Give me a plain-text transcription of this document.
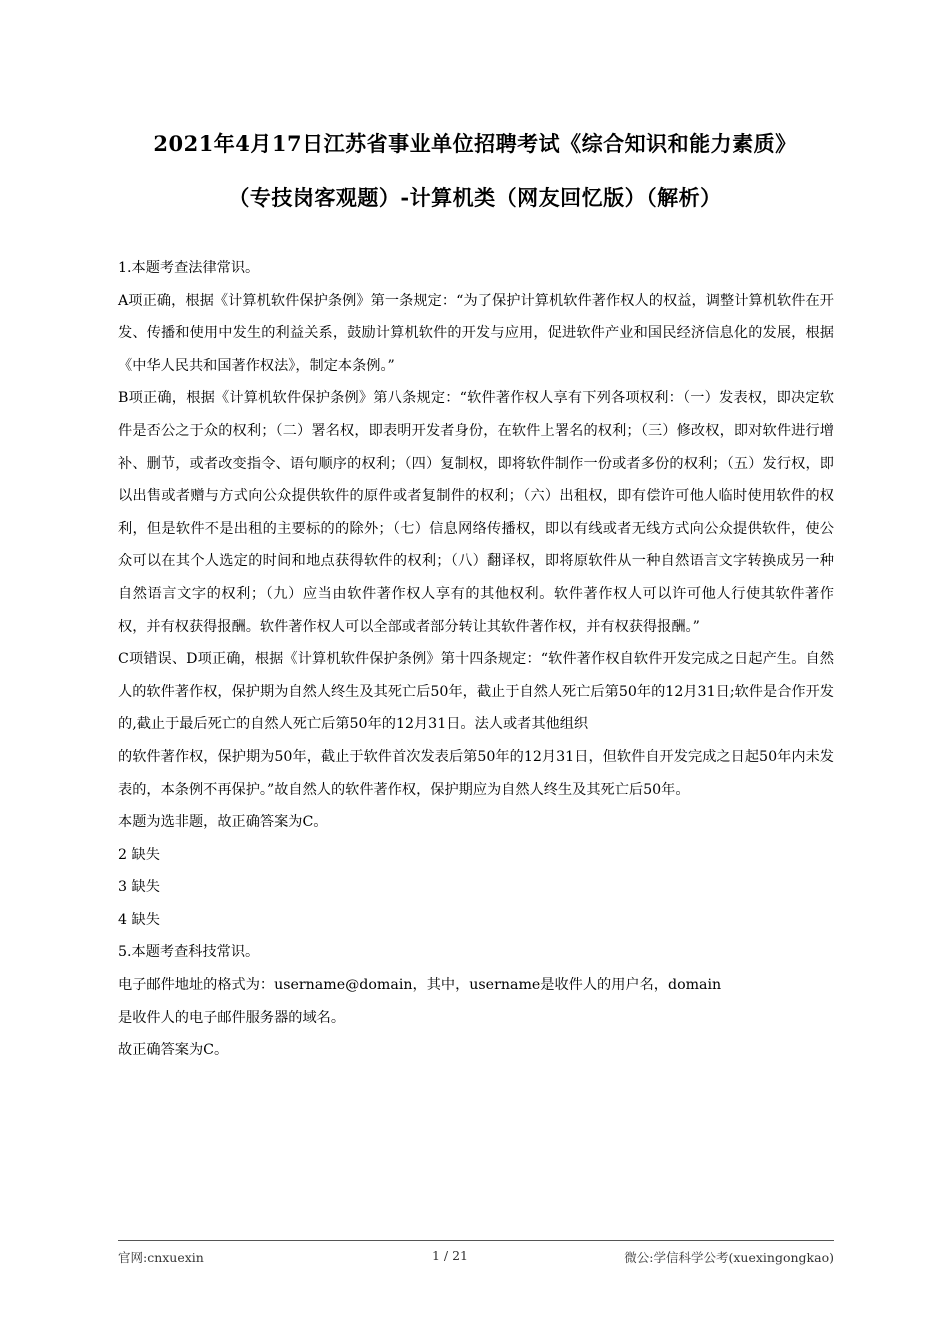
2021年4月17日江苏省事业单位招聘考试《综合知识和能力素质》
（专技岗客观题）-计算机类（网友回忆版）（解析）

1.本题考查法律常识。

A项正确，根据《计算机软件保护条例》第一条规定：“为了保护计算机软件著作权人的权益，调整计算机软件在开发、传播和使用中发生的利益关系，鼓励计算机软件的开发与应用，促进软件产业和国民经济信息化的发展，根据《中华人民共和国著作权法》，制定本条例。”

B项正确，根据《计算机软件保护条例》第八条规定：“软件著作权人享有下列各项权利：（一）发表权，即决定软件是否公之于众的权利；（二）署名权，即表明开发者身份，在软件上署名的权利；（三）修改权，即对软件进行增补、删节，或者改变指令、语句顺序的权利；（四）复制权，即将软件制作一份或者多份的权利；（五）发行权，即以出售或者赠与方式向公众提供软件的原件或者复制件的权利；（六）出租权，即有偿许可他人临时使用软件的权利，但是软件不是出租的主要标的的除外；（七）信息网络传播权，即以有线或者无线方式向公众提供软件，使公众可以在其个人选定的时间和地点获得软件的权利；（八）翻译权，即将原软件从一种自然语言文字转换成另一种自然语言文字的权利；（九）应当由软件著作权人享有的其他权利。软件著作权人可以许可他人行使其软件著作权，并有权获得报酬。软件著作权人可以全部或者部分转让其软件著作权，并有权获得报酬。”

C项错误、D项正确，根据《计算机软件保护条例》第十四条规定：“软件著作权自软件开发完成之日起产生。自然人的软件著作权，保护期为自然人终生及其死亡后50年，截止于自然人死亡后第50年的12月31日;软件是合作开发的,截止于最后死亡的自然人死亡后第50年的12月31日。法人或者其他组织

的软件著作权，保护期为50年，截止于软件首次发表后第50年的12月31日，但软件自开发完成之日起50年内未发表的，本条例不再保护。”故自然人的软件著作权，保护期应为自然人终生及其死亡后50年。

本题为选非题，故正确答案为C。

2 缺失

3 缺失

4 缺失

5.本题考查科技常识。

电子邮件地址的格式为：username@domain，其中，username是收件人的用户名，domain

是收件人的电子邮件服务器的域名。

故正确答案为C。

官网:cnxuexin	1 / 21	微公:学信科学公考(xuexingongkao)
